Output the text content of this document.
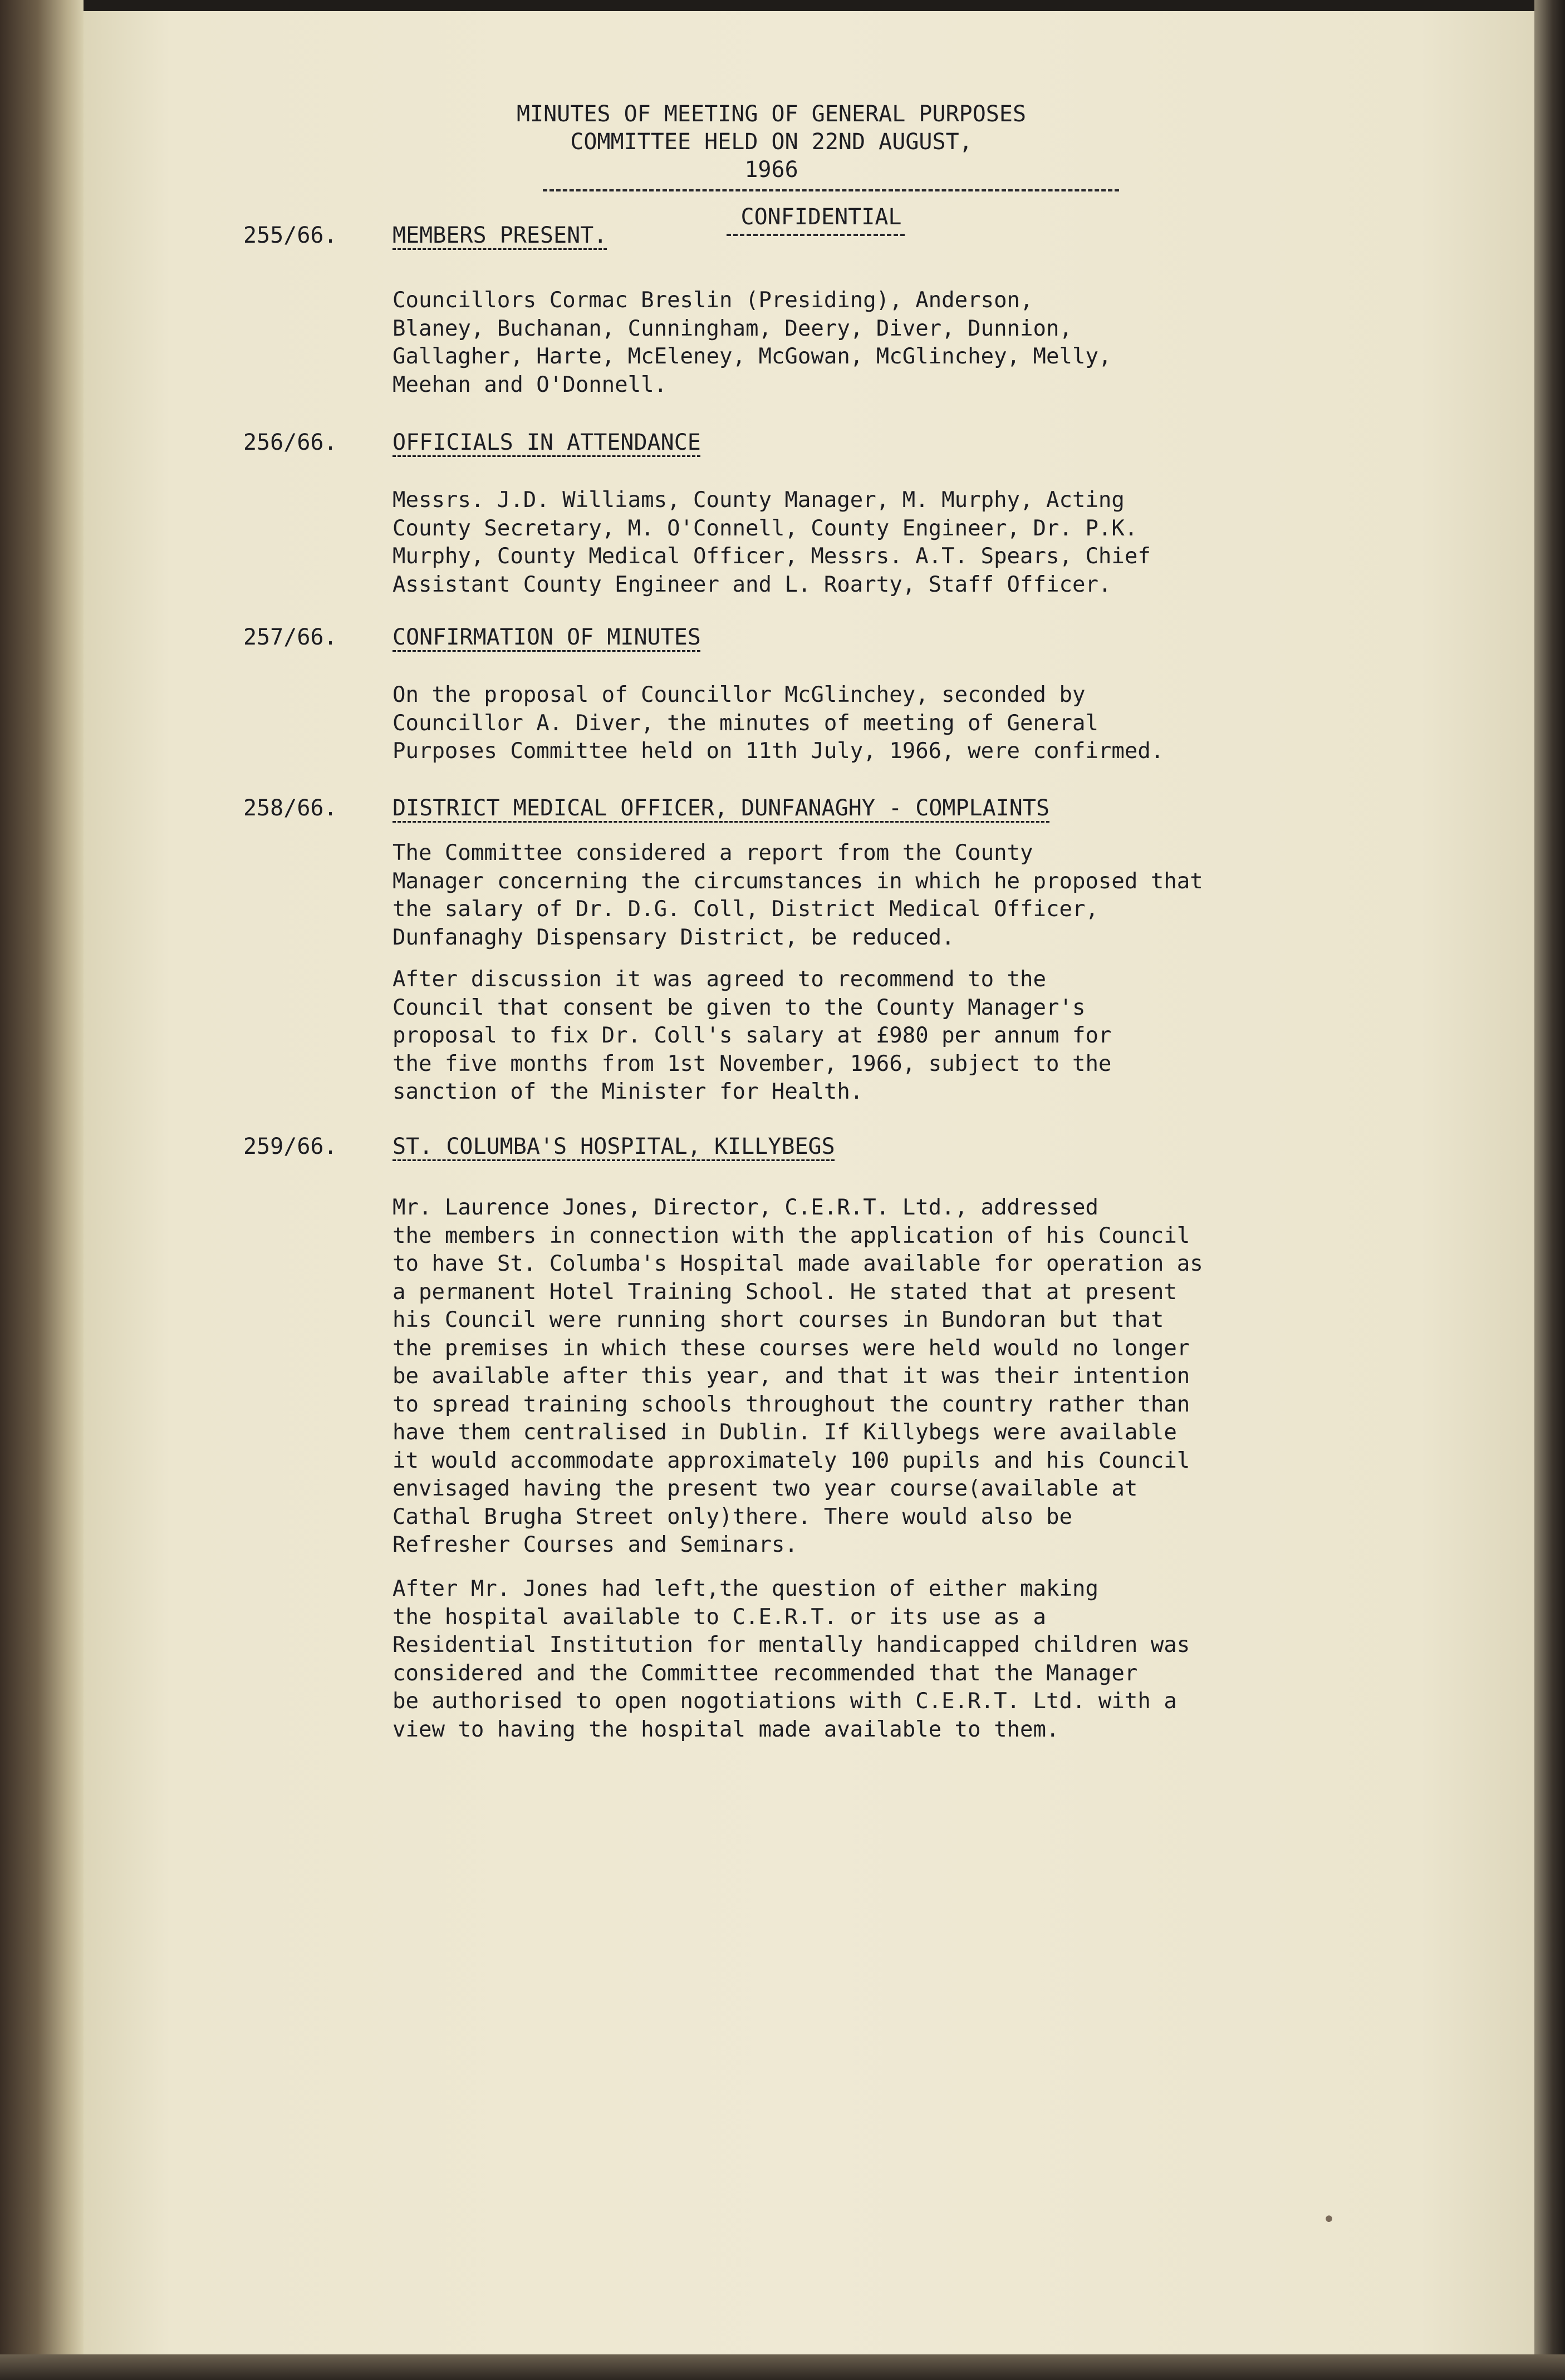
MINUTES OF MEETING OF GENERAL PURPOSES
COMMITTEE HELD ON 22ND AUGUST,
1966
CONFIDENTIAL
255/66.	MEMBERS PRESENT.

Councillors Cormac Breslin (Presiding), Anderson,
Blaney, Buchanan, Cunningham, Deery, Diver, Dunnion,
Gallagher, Harte, McEleney, McGowan, McGlinchey, Melly,
Meehan and O'Donnell.

256/66.	OFFICIALS IN ATTENDANCE

Messrs. J.D. Williams, County Manager, M. Murphy, Acting
County Secretary, M. O'Connell, County Engineer, Dr. P.K.
Murphy, County Medical Officer, Messrs. A.T. Spears, Chief
Assistant County Engineer and L. Roarty, Staff Officer.

257/66.	CONFIRMATION OF MINUTES

On the proposal of Councillor McGlinchey, seconded by
Councillor A. Diver, the minutes of meeting of General
Purposes Committee held on 11th July, 1966, were confirmed.

258/66.	DISTRICT MEDICAL OFFICER, DUNFANAGHY - COMPLAINTS

The Committee considered a report from the County
Manager concerning the circumstances in which he proposed that
the salary of Dr. D.G. Coll, District Medical Officer,
Dunfanaghy Dispensary District, be reduced.

After discussion it was agreed to recommend to the
Council that consent be given to the County Manager's
proposal to fix Dr. Coll's salary at £980 per annum for
the five months from 1st November, 1966, subject to the
sanction of the Minister for Health.

259/66.	ST. COLUMBA'S HOSPITAL, KILLYBEGS

Mr. Laurence Jones, Director, C.E.R.T. Ltd., addressed
the members in connection with the application of his Council
to have St. Columba's Hospital made available for operation as
a permanent Hotel Training School. He stated that at present
his Council were running short courses in Bundoran but that
the premises in which these courses were held would no longer
be available after this year, and that it was their intention
to spread training schools throughout the country rather than
have them centralised in Dublin. If Killybegs were available
it would accommodate approximately 100 pupils and his Council
envisaged having the present two year course(available at
Cathal Brugha Street only)there. There would also be
Refresher Courses and Seminars.

After Mr. Jones had left,the question of either making
the hospital available to C.E.R.T. or its use as a
Residential Institution for mentally handicapped children was
considered and the Committee recommended that the Manager
be authorised to open nogotiations with C.E.R.T. Ltd. with a
view to having the hospital made available to them.

•
